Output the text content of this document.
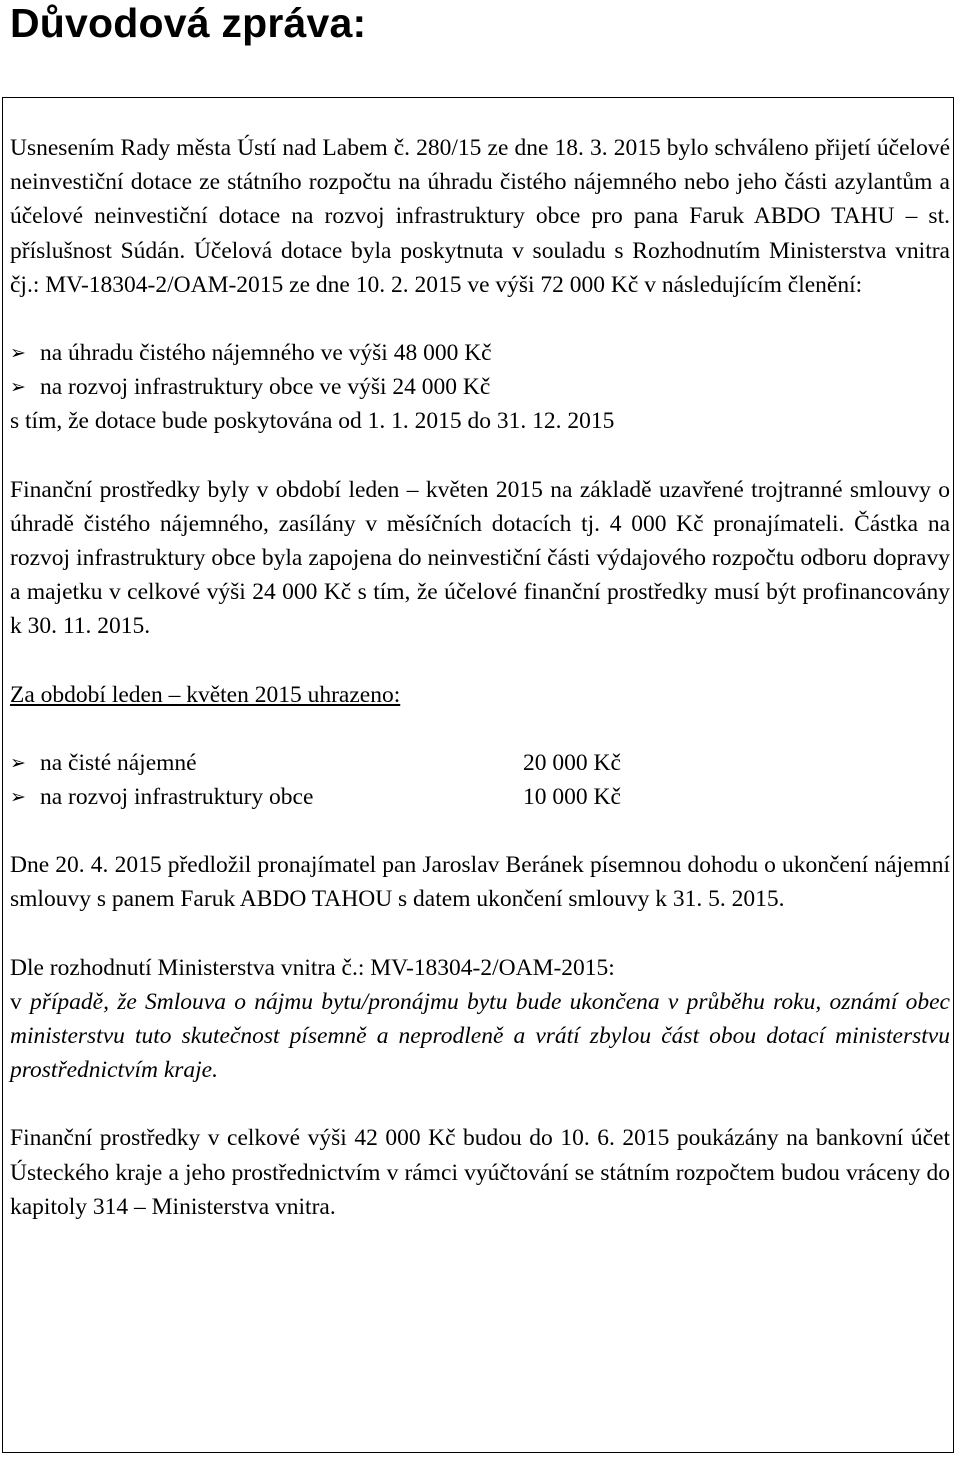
Důvodová zpráva:

Usnesením Rady města Ústí nad Labem č. 280/15 ze dne 18. 3. 2015 bylo schváleno přijetí účelové neinvestiční dotace ze státního rozpočtu na úhradu čistého nájemného nebo jeho části azylantům a účelové neinvestiční dotace na rozvoj infrastruktury obce pro pana Faruk ABDO TAHU – st. příslušnost Súdán. Účelová dotace byla poskytnuta v souladu s Rozhodnutím Ministerstva vnitra čj.: MV-18304-2/OAM-2015 ze dne 10. 2. 2015 ve výši 72 000 Kč v následujícím členění:

➢ na úhradu čistého nájemného ve výši 48 000 Kč
➢ na rozvoj infrastruktury obce ve výši 24 000 Kč

s tím, že dotace bude poskytována od 1. 1. 2015 do 31. 12. 2015

Finanční prostředky byly v období leden – květen 2015 na základě uzavřené trojtranné smlouvy o úhradě čistého nájemného, zasílány v měsíčních dotacích tj. 4 000 Kč pronajímateli. Částka na rozvoj infrastruktury obce byla zapojena do neinvestiční části výdajového rozpočtu odboru dopravy a majetku v celkové výši 24 000 Kč s tím, že účelové finanční prostředky musí být profinancovány k 30. 11. 2015.

Za období leden – květen 2015 uhrazeno:

➢ na čisté nájemné	20 000 Kč
➢ na rozvoj infrastruktury obce	10 000 Kč

Dne 20. 4. 2015 předložil pronajímatel pan Jaroslav Beránek písemnou dohodu o ukončení nájemní smlouvy s panem Faruk ABDO TAHOU s datem ukončení smlouvy k 31. 5. 2015.

Dle rozhodnutí Ministerstva vnitra č.: MV-18304-2/OAM-2015:

v případě, že Smlouva o nájmu bytu/pronájmu bytu bude ukončena v průběhu roku, oznámí obec ministerstvu tuto skutečnost písemně a neprodleně a vrátí zbylou část obou dotací ministerstvu prostřednictvím kraje.

Finanční prostředky v celkové výši 42 000 Kč budou do 10. 6. 2015 poukázány na bankovní účet Ústeckého kraje a jeho prostřednictvím v rámci vyúčtování se státním rozpočtem budou vráceny do kapitoly 314 – Ministerstva vnitra.
